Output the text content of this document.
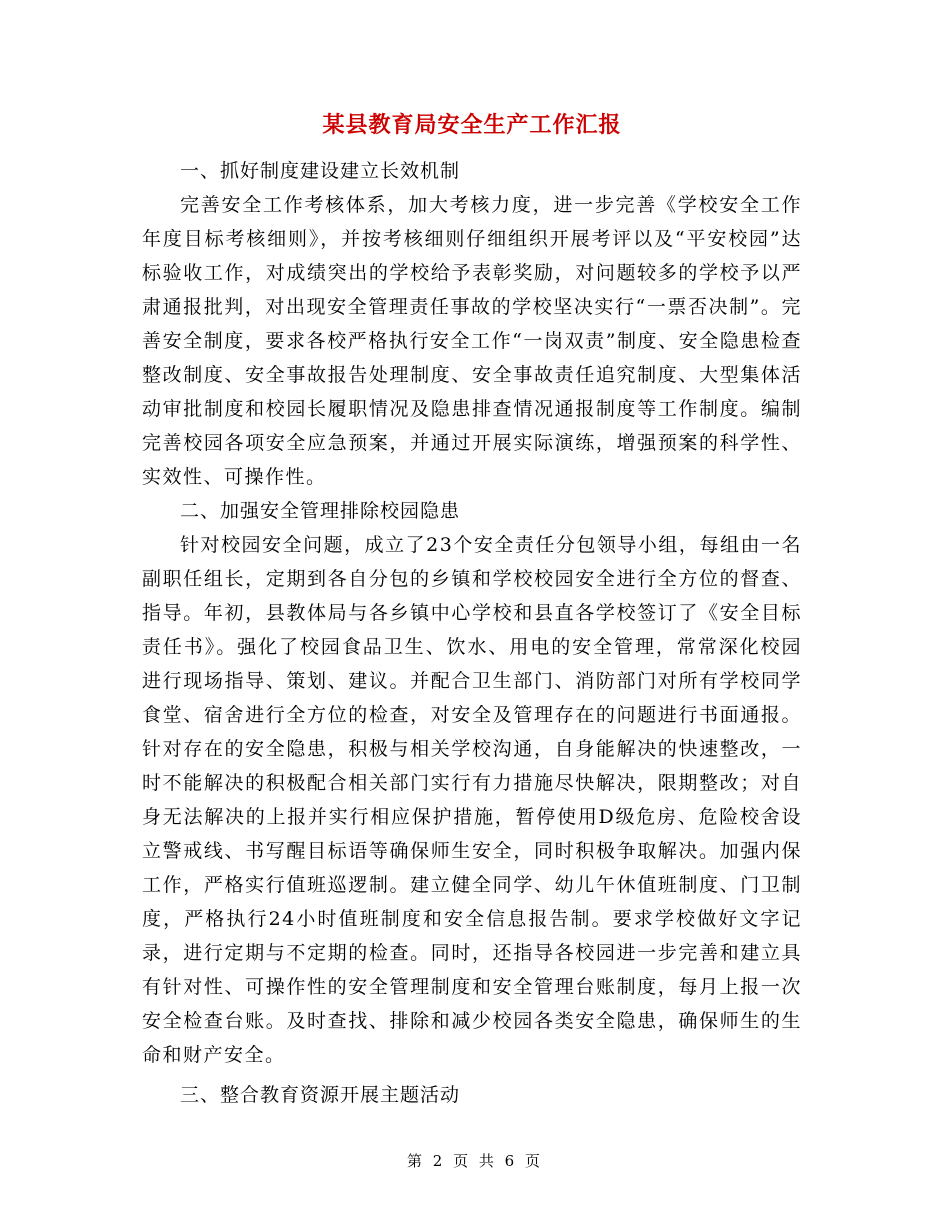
某县教育局安全生产工作汇报

一、抓好制度建设建立长效机制

完善安全工作考核体系，加大考核力度，进一步完善《学校安全工作年度目标考核细则》，并按考核细则仔细组织开展考评以及“平安校园”达标验收工作，对成绩突出的学校给予表彰奖励，对问题较多的学校予以严肃通报批判，对出现安全管理责任事故的学校坚决实行“一票否决制”。完善安全制度，要求各校严格执行安全工作“一岗双责”制度、安全隐患检查整改制度、安全事故报告处理制度、安全事故责任追究制度、大型集体活动审批制度和校园长履职情况及隐患排查情况通报制度等工作制度。编制完善校园各项安全应急预案，并通过开展实际演练，增强预案的科学性、实效性、可操作性。

二、加强安全管理排除校园隐患

针对校园安全问题，成立了23个安全责任分包领导小组，每组由一名副职任组长，定期到各自分包的乡镇和学校校园安全进行全方位的督查、指导。年初，县教体局与各乡镇中心学校和县直各学校签订了《安全目标责任书》。强化了校园食品卫生、饮水、用电的安全管理，常常深化校园进行现场指导、策划、建议。并配合卫生部门、消防部门对所有学校同学食堂、宿舍进行全方位的检查，对安全及管理存在的问题进行书面通报。针对存在的安全隐患，积极与相关学校沟通，自身能解决的快速整改，一时不能解决的积极配合相关部门实行有力措施尽快解决，限期整改；对自身无法解决的上报并实行相应保护措施，暂停使用D级危房、危险校舍设立警戒线、书写醒目标语等确保师生安全，同时积极争取解决。加强内保工作，严格实行值班巡逻制。建立健全同学、幼儿午休值班制度、门卫制度，严格执行24小时值班制度和安全信息报告制。要求学校做好文字记录，进行定期与不定期的检查。同时，还指导各校园进一步完善和建立具有针对性、可操作性的安全管理制度和安全管理台账制度，每月上报一次安全检查台账。及时查找、排除和减少校园各类安全隐患，确保师生的生命和财产安全。

三、整合教育资源开展主题活动

第 2 页 共 6 页
